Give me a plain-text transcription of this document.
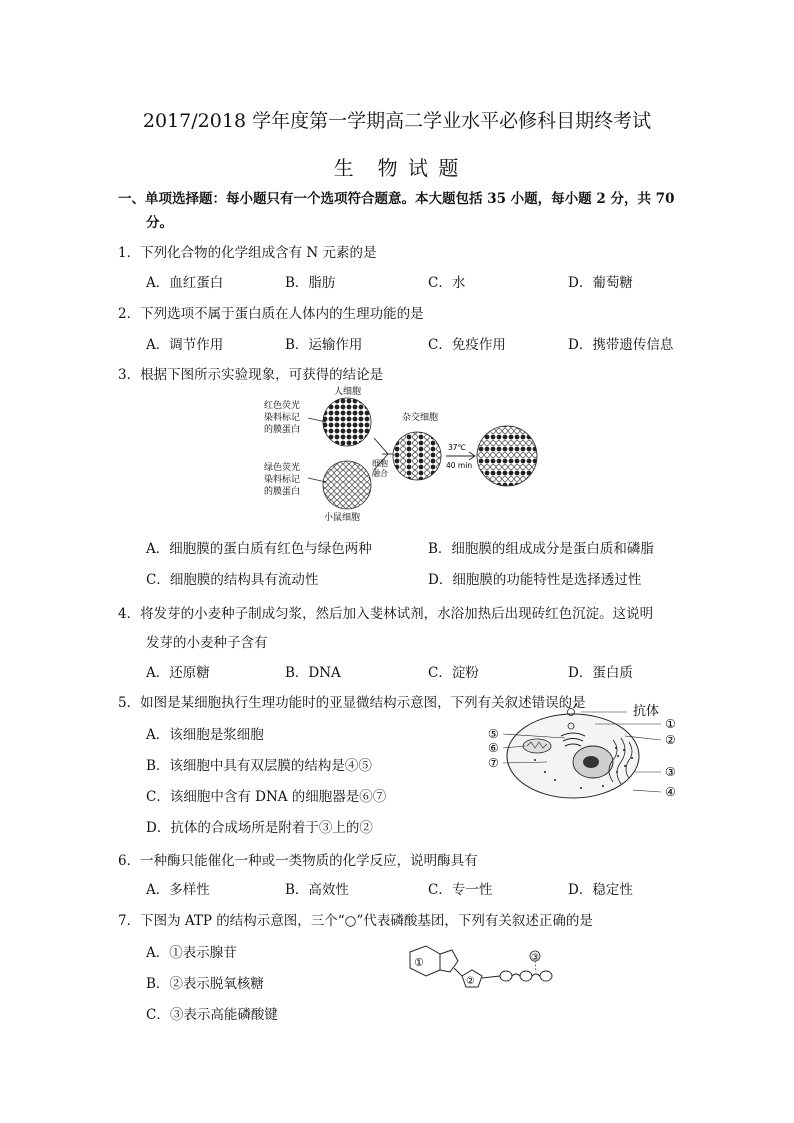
2017/2018 学年度第一学期高二学业水平必修科目期终考试
生　物 试 题
一、单项选择题：每小题只有一个选项符合题意。本大题包括 35 小题，每小题 2 分，共 70
分。
1．下列化合物的化学组成含有 N 元素的是
A．血红蛋白	B．脂肪	C．水	D．葡萄糖
2．下列选项不属于蛋白质在人体内的生理功能的是
A．调节作用	B．运输作用	C．免疫作用	D．携带遗传信息
3．根据下图所示实验现象，可获得的结论是
人细胞
红色荧光
染料标记
的膜蛋白
绿色荧光
染料标记
的膜蛋白
小鼠细胞
细胞
融合
杂交细胞
37℃
40 min
A．细胞膜的蛋白质有红色与绿色两种	B．细胞膜的组成成分是蛋白质和磷脂
C．细胞膜的结构具有流动性	D．细胞膜的功能特性是选择透过性
4．将发芽的小麦种子制成匀浆，然后加入斐林试剂，水浴加热后出现砖红色沉淀。这说明
发芽的小麦种子含有
A．还原糖	B．DNA	C．淀粉	D．蛋白质
5．如图是某细胞执行生理功能时的亚显微结构示意图，下列有关叙述错误的是
A．该细胞是浆细胞
B．该细胞中具有双层膜的结构是④⑤
C．该细胞中含有 DNA 的细胞器是⑥⑦
D．抗体的合成场所是附着于③上的②
抗体
①
②
③
④
⑤
⑥
⑦
6．一种酶只能催化一种或一类物质的化学反应，说明酶具有
A．多样性	B．高效性	C．专一性	D．稳定性
7．下图为 ATP 的结构示意图，三个“○”代表磷酸基团，下列有关叙述正确的是
A．①表示腺苷
B．②表示脱氧核糖
C．③表示高能磷酸键
①
②
③
